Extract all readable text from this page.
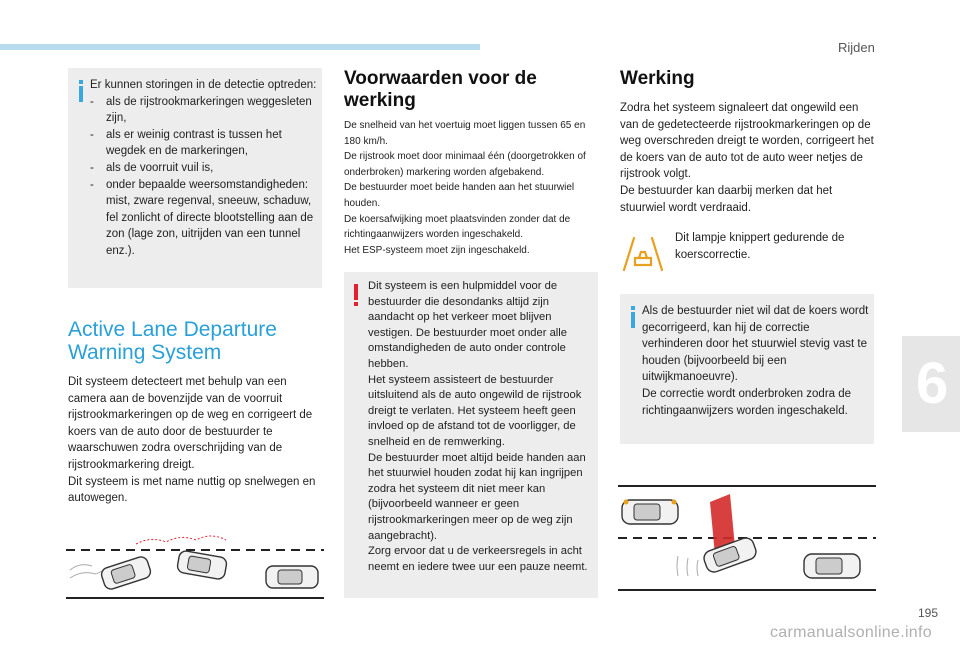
Rijden
6
195
carmanualsonline.info
Er kunnen storingen in de detectie optreden:
- als de rijstrookmarkeringen weggesleten zijn,
- als er weinig contrast is tussen het wegdek en de markeringen,
- als de voorruit vuil is,
- onder bepaalde weersomstandigheden: mist, zware regenval, sneeuw, schaduw, fel zonlicht of directe blootstelling aan de zon (lage zon, uitrijden van een tunnel enz.).
Active Lane Departure
Warning System
Dit systeem detecteert met behulp van een camera aan de bovenzijde van de voorruit rijstrookmarkeringen op de weg en corrigeert de koers van de auto door de bestuurder te waarschuwen zodra overschrijding van de rijstrookmarkering dreigt.
Dit systeem is met name nuttig op snelwegen en autowegen.
Voorwaarden voor de werking
De snelheid van het voertuig moet liggen tussen 65 en 180 km/h.
De rijstrook moet door minimaal één (doorgetrokken of onderbroken) markering worden afgebakend.
De bestuurder moet beide handen aan het stuurwiel houden.
De koersafwijking moet plaatsvinden zonder dat de richtingaanwijzers worden ingeschakeld.
Het ESP-systeem moet zijn ingeschakeld.
Dit systeem is een hulpmiddel voor de bestuurder die desondanks altijd zijn aandacht op het verkeer moet blijven vestigen. De bestuurder moet onder alle omstandigheden de auto onder controle hebben.
Het systeem assisteert de bestuurder uitsluitend als de auto ongewild de rijstrook dreigt te verlaten. Het systeem heeft geen invloed op de afstand tot de voorligger, de snelheid en de remwerking.
De bestuurder moet altijd beide handen aan het stuurwiel houden zodat hij kan ingrijpen zodra het systeem dit niet meer kan (bijvoorbeeld wanneer er geen rijstrookmarkeringen meer op de weg zijn aangebracht).
Zorg ervoor dat u de verkeersregels in acht neemt en iedere twee uur een pauze neemt.
Werking
Zodra het systeem signaleert dat ongewild een van de gedetecteerde rijstrookmarkeringen op de weg overschreden dreigt te worden, corrigeert het de koers van de auto tot de auto weer netjes de rijstrook volgt.
De bestuurder kan daarbij merken dat het stuurwiel wordt verdraaid.
Dit lampje knippert gedurende de koerscorrectie.
Als de bestuurder niet wil dat de koers wordt gecorrigeerd, kan hij de correctie verhinderen door het stuurwiel stevig vast te houden (bijvoorbeeld bij een uitwijkmanoeuvre).
De correctie wordt onderbroken zodra de richtingaanwijzers worden ingeschakeld.
